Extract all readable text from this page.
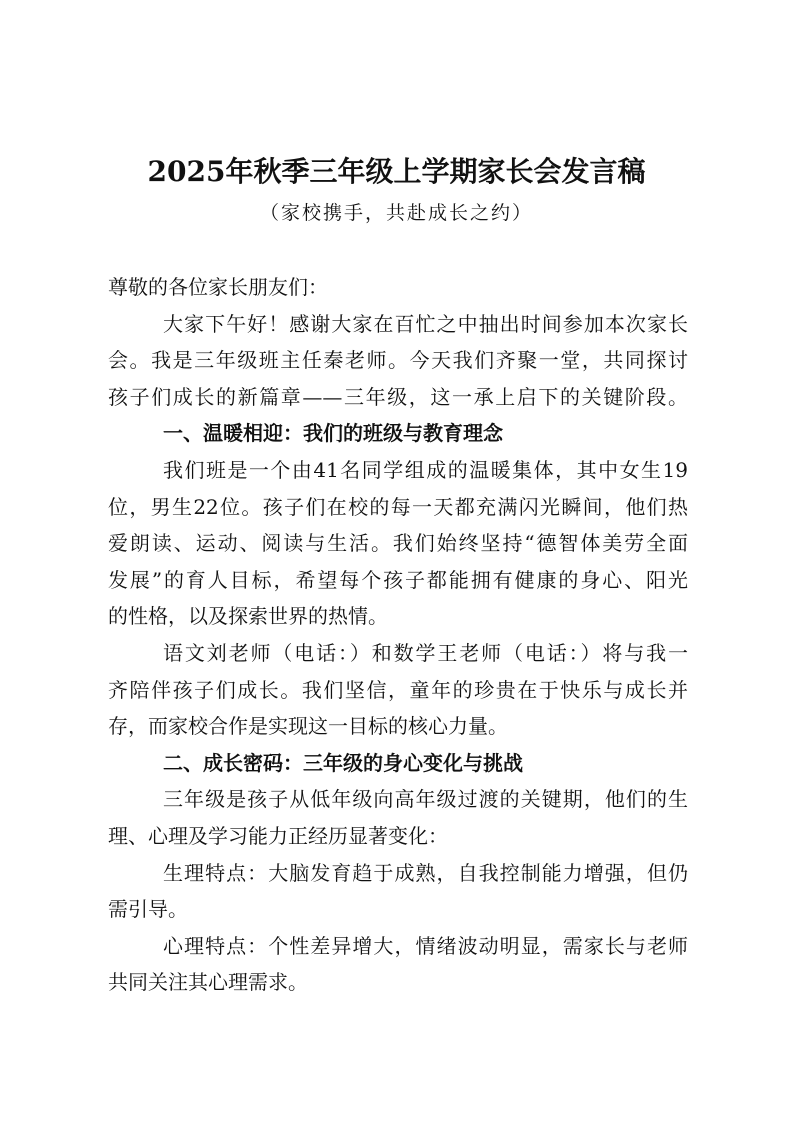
2025年秋季三年级上学期家长会发言稿
（家校携手，共赴成长之约）
尊敬的各位家长朋友们：
大家下午好！感谢大家在百忙之中抽出时间参加本次家长
会。我是三年级班主任秦老师。今天我们齐聚一堂，共同探讨
孩子们成长的新篇章——三年级，这一承上启下的关键阶段。
一、温暖相迎：我们的班级与教育理念
我们班是一个由41名同学组成的温暖集体，其中女生19
位，男生22位。孩子们在校的每一天都充满闪光瞬间，他们热
爱朗读、运动、阅读与生活。我们始终坚持“德智体美劳全面
发展”的育人目标，希望每个孩子都能拥有健康的身心、阳光
的性格，以及探索世界的热情。
语文刘老师（电话：）和数学王老师（电话：）将与我一
齐陪伴孩子们成长。我们坚信，童年的珍贵在于快乐与成长并
存，而家校合作是实现这一目标的核心力量。
二、成长密码：三年级的身心变化与挑战
三年级是孩子从低年级向高年级过渡的关键期，他们的生
理、心理及学习能力正经历显著变化：
生理特点：大脑发育趋于成熟，自我控制能力增强，但仍
需引导。
心理特点：个性差异增大，情绪波动明显，需家长与老师
共同关注其心理需求。
